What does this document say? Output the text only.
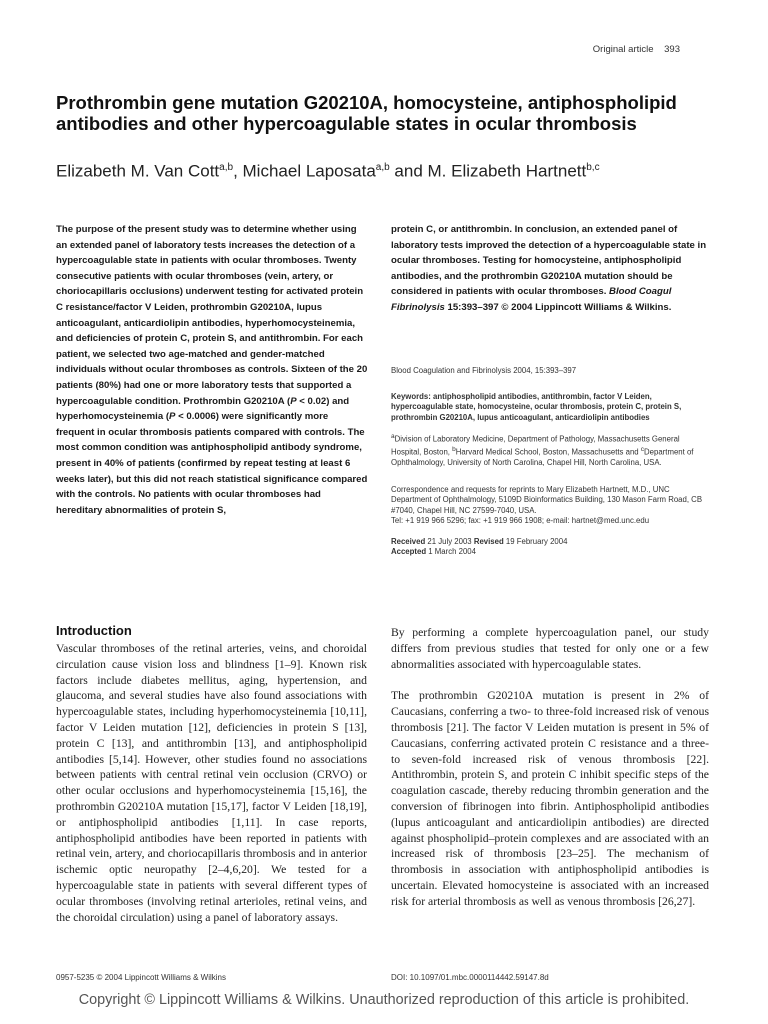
Original article 393
Prothrombin gene mutation G20210A, homocysteine, antiphospholipid antibodies and other hypercoagulable states in ocular thrombosis
Elizabeth M. Van Cott$^{a,b}$, Michael Laposata$^{a,b}$ and M. Elizabeth Hartnett$^{b,c}$
The purpose of the present study was to determine whether using an extended panel of laboratory tests increases the detection of a hypercoagulable state in patients with ocular thromboses. Twenty consecutive patients with ocular thromboses (vein, artery, or choriocapillaris occlusions) underwent testing for activated protein C resistance/factor V Leiden, prothrombin G20210A, lupus anticoagulant, anticardiolipin antibodies, hyperhomocysteinemia, and deficiencies of protein C, protein S, and antithrombin. For each patient, we selected two age-matched and gender-matched individuals without ocular thromboses as controls. Sixteen of the 20 patients (80%) had one or more laboratory tests that supported a hypercoagulable condition. Prothrombin G20210A (P < 0.02) and hyperhomocysteinemia (P < 0.0006) were significantly more frequent in ocular thrombosis patients compared with controls. The most common condition was antiphospholipid antibody syndrome, present in 40% of patients (confirmed by repeat testing at least 6 weeks later), but this did not reach statistical significance compared with the controls. No patients with ocular thromboses had hereditary abnormalities of protein S,
protein C, or antithrombin. In conclusion, an extended panel of laboratory tests improved the detection of a hypercoagulable state in ocular thromboses. Testing for homocysteine, antiphospholipid antibodies, and the prothrombin G20210A mutation should be considered in patients with ocular thromboses. Blood Coagul Fibrinolysis 15:393–397 © 2004 Lippincott Williams & Wilkins.
Blood Coagulation and Fibrinolysis 2004, 15:393–397
Keywords: antiphospholipid antibodies, antithrombin, factor V Leiden, hypercoagulable state, homocysteine, ocular thrombosis, protein C, protein S, prothrombin G20210A, lupus anticoagulant, anticardiolipin antibodies
$^a$Division of Laboratory Medicine, Department of Pathology, Massachusetts General Hospital, Boston, $^b$Harvard Medical School, Boston, Massachusetts and $^c$Department of Ophthalmology, University of North Carolina, Chapel Hill, North Carolina, USA.
Correspondence and requests for reprints to Mary Elizabeth Hartnett, M.D., UNC Department of Ophthalmology, 5109D Bioinformatics Building, 130 Mason Farm Road, CB #7040, Chapel Hill, NC 27599-7040, USA.
Tel: +1 919 966 5296; fax: +1 919 966 1908; e-mail: hartnet@med.unc.edu
Received 21 July 2003 Revised 19 February 2004
Accepted 1 March 2004
Introduction
Vascular thromboses of the retinal arteries, veins, and choroidal circulation cause vision loss and blindness [1–9]. Known risk factors include diabetes mellitus, aging, hypertension, and glaucoma, and several studies have also found associations with hypercoagulable states, including hyperhomocysteinemia [10,11], factor V Leiden mutation [12], deficiencies in protein S [13], protein C [13], and antithrombin [13], and antiphospholipid antibodies [5,14]. However, other studies found no associations between patients with central retinal vein occlusion (CRVO) or other ocular occlusions and hyperhomocysteinemia [15,16], the prothrombin G20210A mutation [15,17], factor V Leiden [18,19], or antiphospholipid antibodies [1,11]. In case reports, antiphospholipid antibodies have been reported in patients with retinal vein, artery, and choriocapillaris thrombosis and in anterior ischemic optic neuropathy [2–4,6,20]. We tested for a hypercoagulable state in patients with several different types of ocular thromboses (involving retinal arterioles, retinal veins, and the choroidal circulation) using a panel of laboratory assays.

By performing a complete hypercoagulation panel, our study differs from previous studies that tested for only one or a few abnormalities associated with hypercoagulable states.

The prothrombin G20210A mutation is present in 2% of Caucasians, conferring a two- to three-fold increased risk of venous thrombosis [21]. The factor V Leiden mutation is present in 5% of Caucasians, conferring activated protein C resistance and a three- to seven-fold increased risk of venous thrombosis [22]. Antithrombin, protein S, and protein C inhibit specific steps of the coagulation cascade, thereby reducing thrombin generation and the conversion of fibrinogen into fibrin. Antiphospholipid antibodies (lupus anticoagulant and anticardiolipin antibodies) are directed against phospholipid–protein complexes and are associated with an increased risk of thrombosis [23–25]. The mechanism of thrombosis in association with antiphospholipid antibodies is uncertain. Elevated homocysteine is associated with an increased risk for arterial thrombosis as well as venous thrombosis [26,27].

0957-5235 © 2004 Lippincott Williams & Wilkins	DOI: 10.1097/01.mbc.0000114442.59147.8d
Copyright © Lippincott Williams & Wilkins. Unauthorized reproduction of this article is prohibited.
